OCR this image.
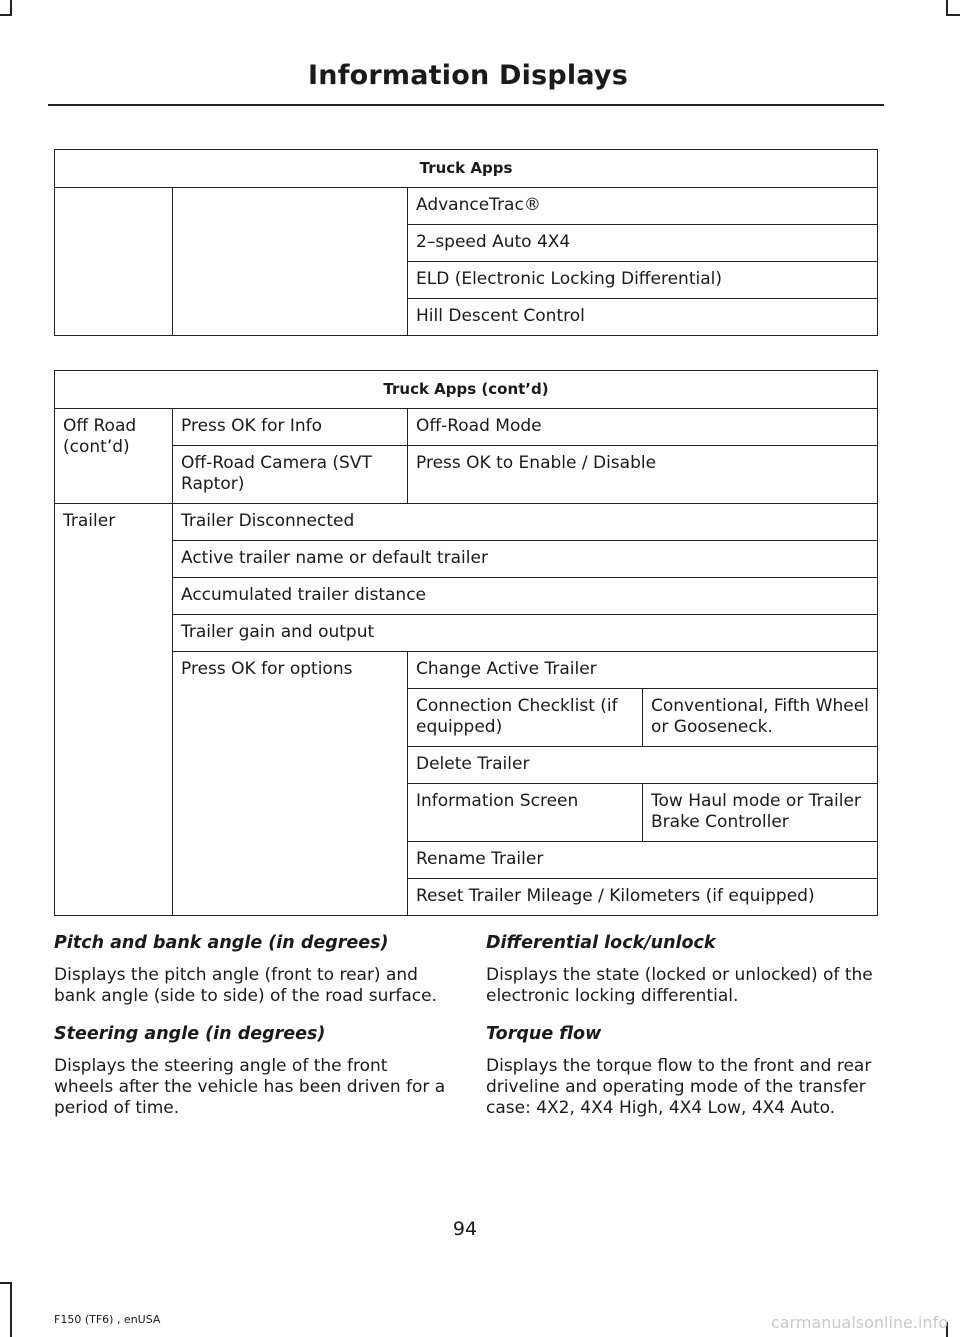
Information Displays
Truck Apps
		AdvanceTrac®
2–speed Auto 4X4
ELD (Electronic Locking Differential)
Hill Descent Control
Truck Apps (cont’d)			
Off Road (cont’d)	Press OK for Info	Off-Road Mode	
	Off-Road Camera (SVT Raptor)	Press OK to Enable / Disable	
Trailer	Trailer Disconnected		
	Active trailer name or default trailer		
	Accumulated trailer distance		
	Trailer gain and output		
	Press OK for options	Change Active Trailer	
		Connection Checklist (if equipped)	Conventional, Fifth Wheel or Gooseneck.
		Delete Trailer	
		Information Screen	Tow Haul mode or Trailer Brake Controller
		Rename Trailer	
		Reset Trailer Mileage / Kilometers (if equipped)	
Pitch and bank angle (in degrees)

Displays the pitch angle (front to rear) and bank angle (side to side) of the road surface.

Steering angle (in degrees)

Displays the steering angle of the front wheels after the vehicle has been driven for a period of time.

Differential lock/unlock

Displays the state (locked or unlocked) of the electronic locking differential.

Torque flow

Displays the torque flow to the front and rear driveline and operating mode of the transfer case: 4X2, 4X4 High, 4X4 Low, 4X4 Auto.

94
F150 (TF6) , enUSA	carmanualsonline.info
